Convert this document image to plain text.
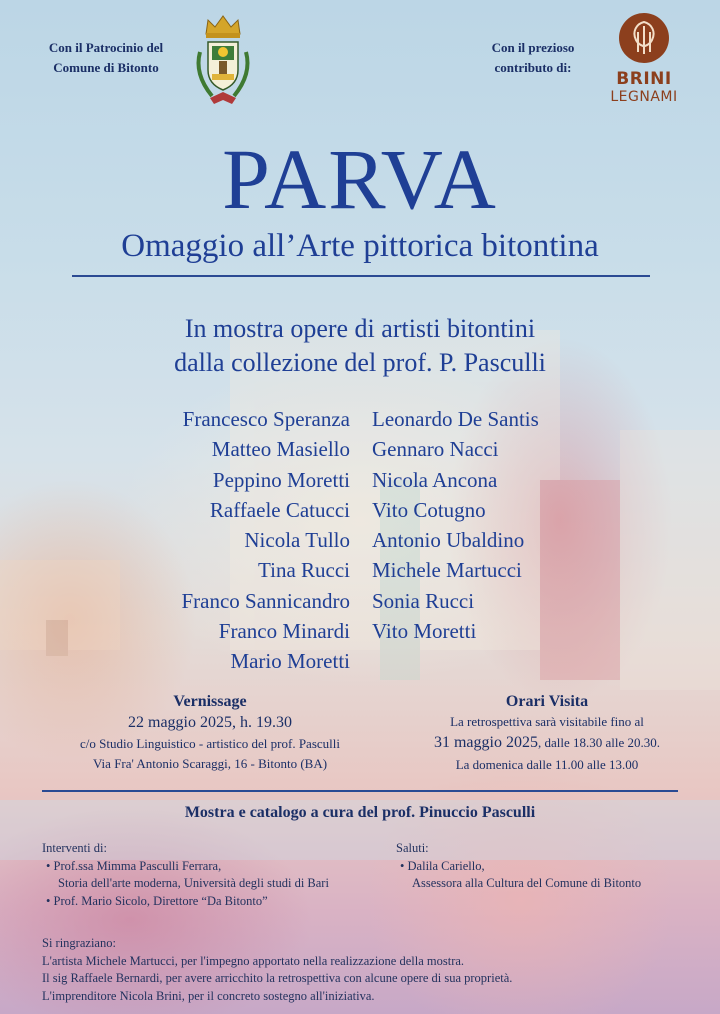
Con il Patrocinio del
Comune di Bitonto
Con il prezioso
contributo di:
BRINI
LEGNAMI
PARVA
Omaggio all’Arte pittorica bitontina
In mostra opere di artisti bitontini
dalla collezione del prof. P. Pasculli
Francesco Speranza
Matteo Masiello
Peppino Moretti
Raffaele Catucci
Nicola Tullo
Tina Rucci
Franco Sannicandro
Franco Minardi
Mario Moretti
Leonardo De Santis
Gennaro Nacci
Nicola Ancona
Vito Cotugno
Antonio Ubaldino
Michele Martucci
Sonia Rucci
Vito Moretti
Vernissage
22 maggio 2025, h. 19.30
c/o Studio Linguistico - artistico del prof. Pasculli
Via Fra' Antonio Scaraggi, 16 - Bitonto (BA)
Orari Visita
La retrospettiva sarà visitabile fino al
31 maggio 2025, dalle 18.30 alle 20.30.
La domenica dalle 11.00 alle 13.00
Mostra e catalogo a cura del prof. Pinuccio Pasculli
Interventi di:
• Prof.ssa Mimma Pasculli Ferrara,
Storia dell'arte moderna, Università degli studi di Bari
• Prof. Mario Sicolo, Direttore “Da Bitonto”
Saluti:
• Dalila Cariello,
Assessora alla Cultura del Comune di Bitonto
Si ringraziano:
L'artista Michele Martucci, per l'impegno apportato nella realizzazione della mostra.
Il sig Raffaele Bernardi, per avere arricchito la retrospettiva con alcune opere di sua proprietà.
L'imprenditore Nicola Brini, per il concreto sostegno all'iniziativa.
